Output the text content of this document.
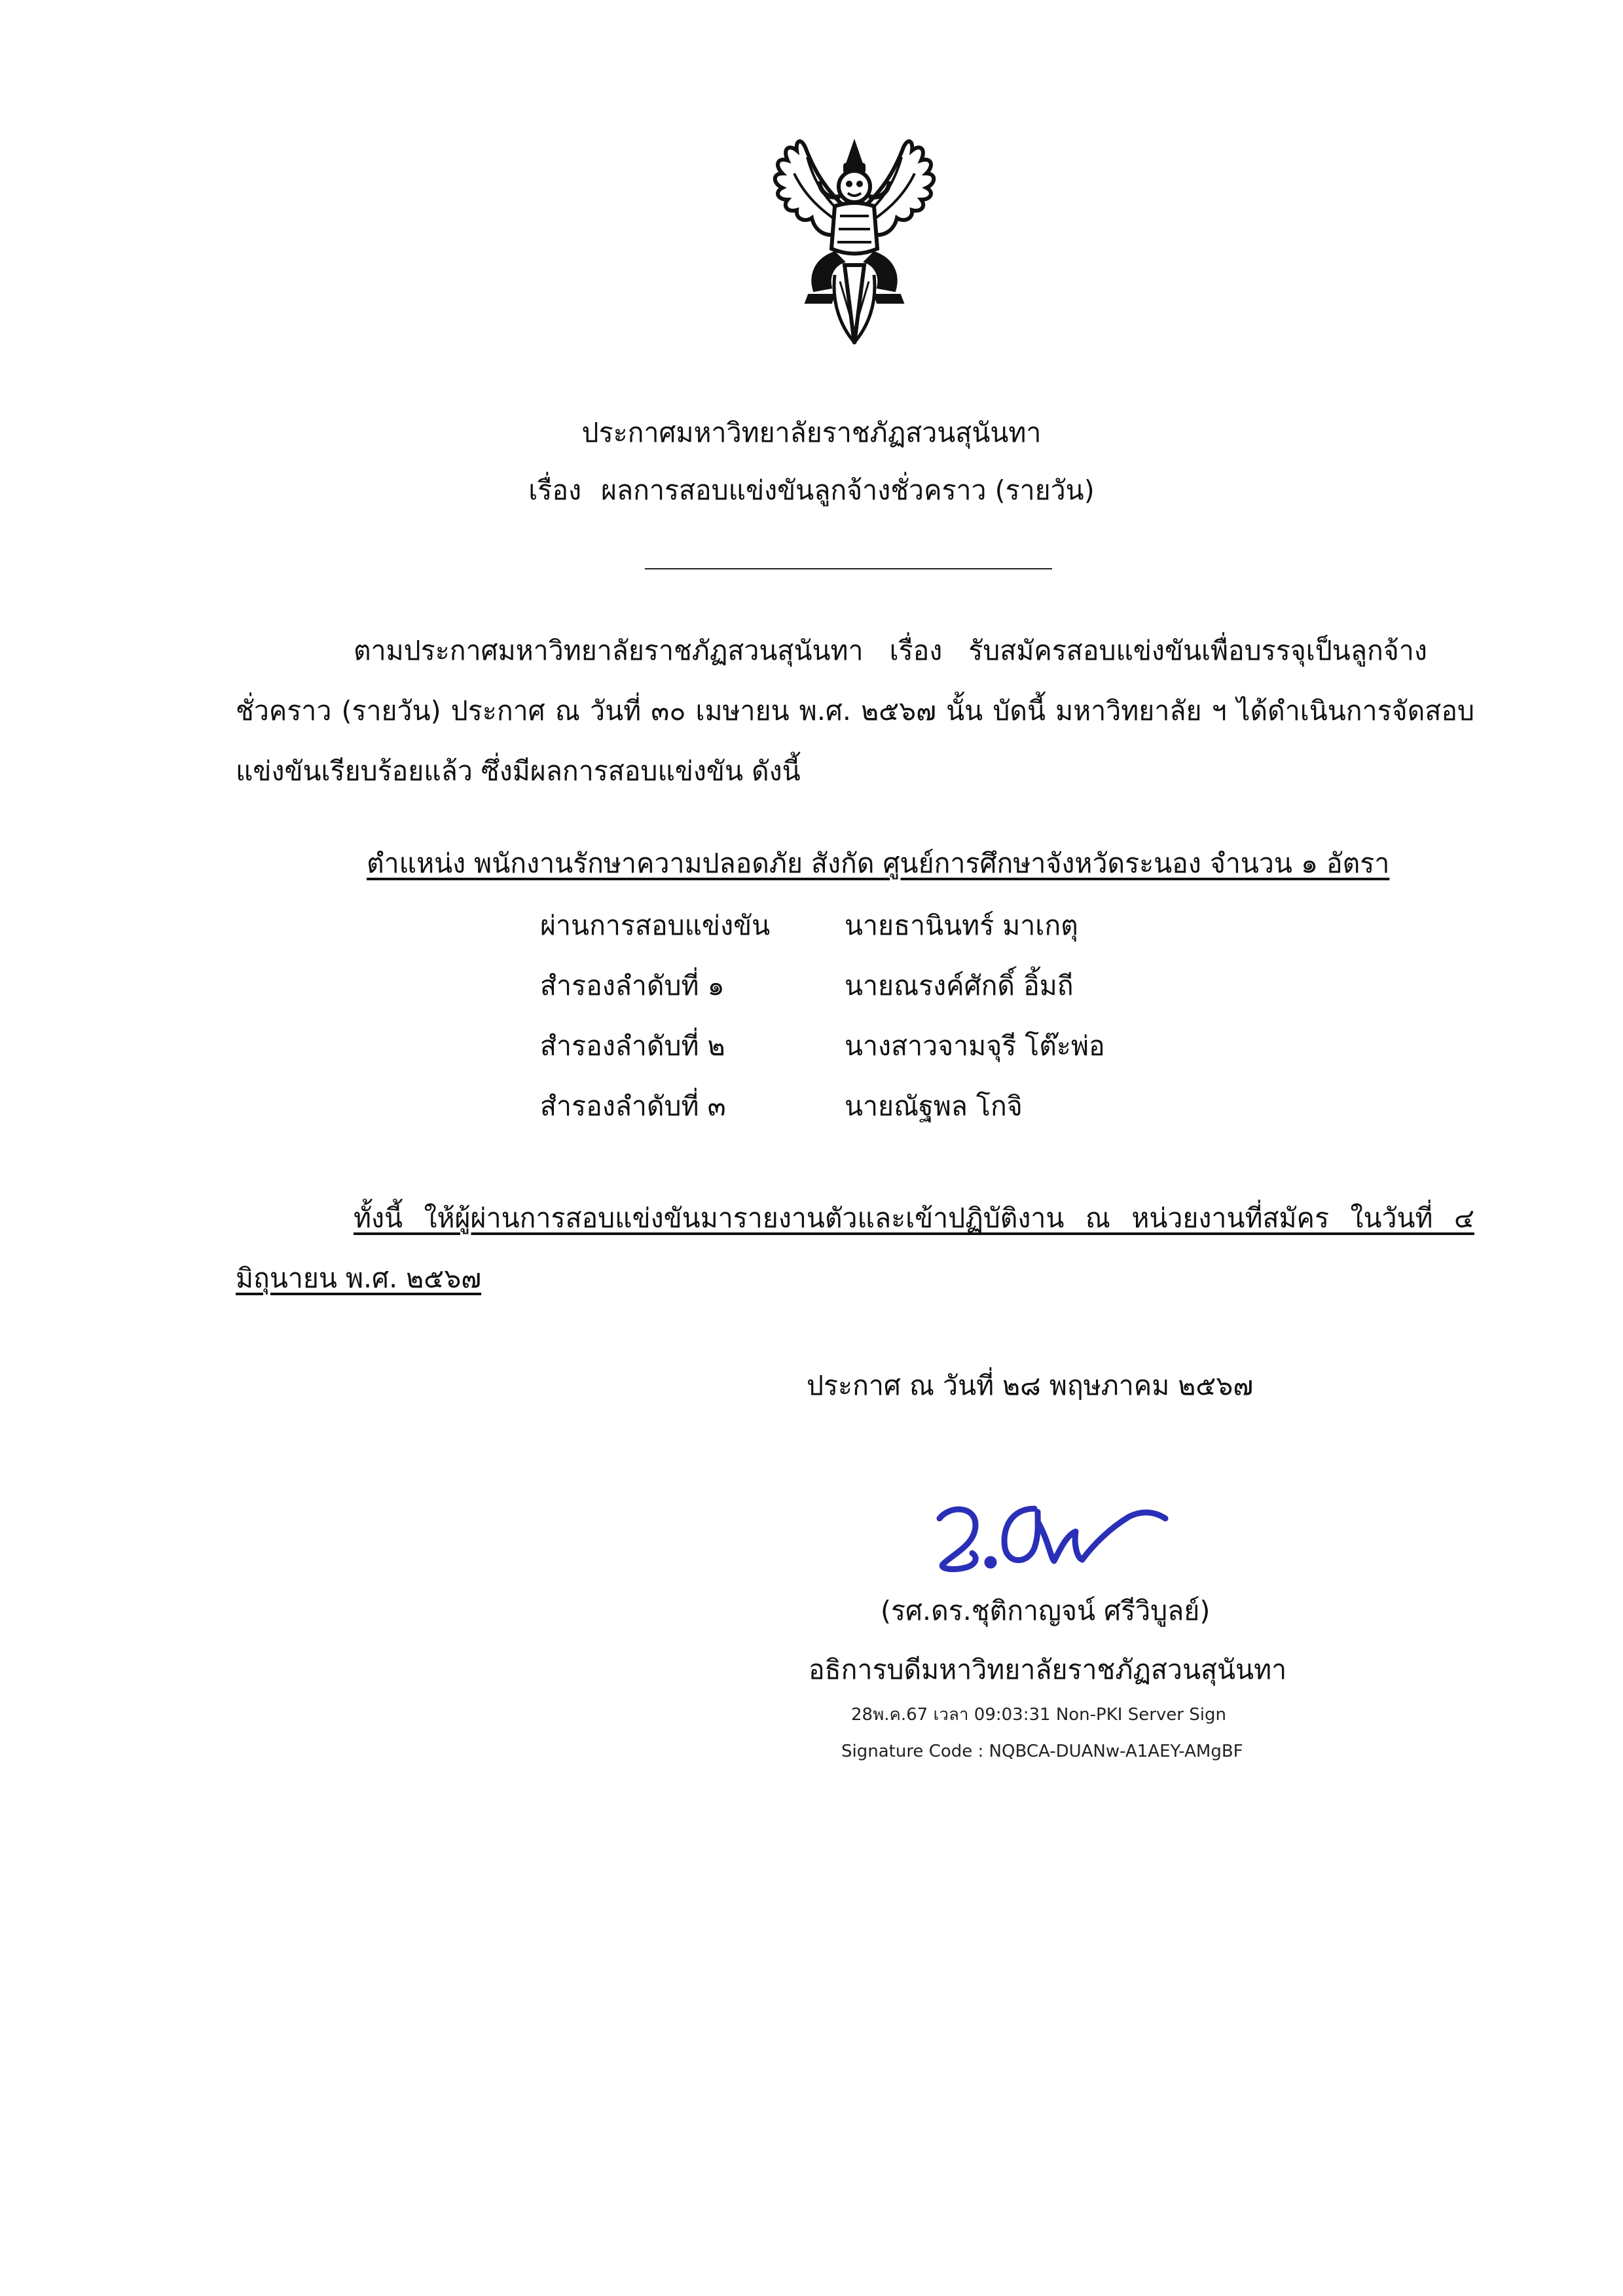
ประกาศมหาวิทยาลัยราชภัฏสวนสุนันทา
เรื่อง ผลการสอบแข่งขันลูกจ้างชั่วคราว (รายวัน)
ตามประกาศมหาวิทยาลัยราชภัฏสวนสุนันทา เรื่อง รับสมัครสอบแข่งขันเพื่อบรรจุเป็นลูกจ้าง ชั่วคราว (รายวัน) ประกาศ ณ วันที่ ๓๐ เมษายน พ.ศ. ๒๕๖๗ นั้น บัดนี้ มหาวิทยาลัย ฯ ได้ดำเนินการจัดสอบแข่งขันเรียบร้อยแล้ว ซึ่งมีผลการสอบแข่งขัน ดังนี้
ตำแหน่ง พนักงานรักษาความปลอดภัย สังกัด ศูนย์การศึกษาจังหวัดระนอง จำนวน ๑ อัตรา
ผ่านการสอบแข่งขัน	นายธานินทร์ มาเกตุ
สำรองลำดับที่ ๑	นายณรงค์ศักดิ์ อิ้มถี
สำรองลำดับที่ ๒	นางสาวจามจุรี โต๊ะพ่อ
สำรองลำดับที่ ๓	นายณัฐพล โกจิ
ทั้งนี้ ให้ผู้ผ่านการสอบแข่งขันมารายงานตัวและเข้าปฏิบัติงาน ณ หน่วยงานที่สมัคร ในวันที่ ๔ มิถุนายน พ.ศ. ๒๕๖๗
ประกาศ ณ วันที่ ๒๘ พฤษภาคม ๒๕๖๗
(รศ.ดร.ชุติกาญจน์ ศรีวิบูลย์)
อธิการบดีมหาวิทยาลัยราชภัฏสวนสุนันทา
28พ.ค.67 เวลา 09:03:31 Non-PKI Server Sign
Signature Code : NQBCA-DUANw-A1AEY-AMgBF
